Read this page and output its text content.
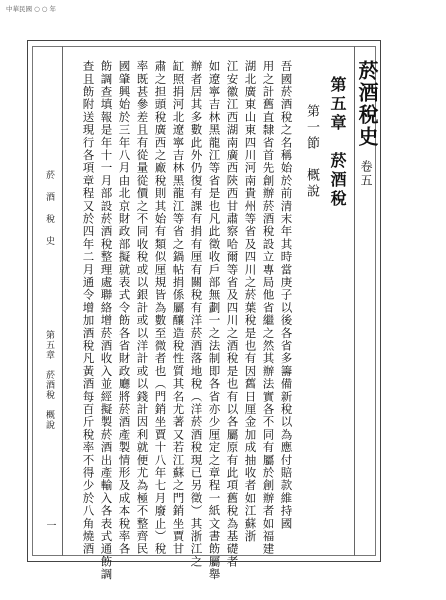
中華民國 ○ ○ 年
菸酒稅史
卷五
第五章　菸酒稅
第一節　概說
吾國菸酒稅之名稱始於前清末年其時當庚子以後各省多籌備新稅以為應付賠款維持國
用之計舊直隸省首先創辦菸酒稅設立專局他省繼之然其辦法實各不同有屬於創辦者如福建
湖北廣東山東四川河南貴州等省及四川之菸葉稅是也有因舊日厘金加成抽收者如江蘇浙
江安徽江西湖南廣西陝西甘肅察哈爾等省及四川之酒稅是也有以各屬原有此項舊稅為基礎者
如遼寧吉林黑龍江等省是也凡此徵收戶部無劃一之法制即各省亦少厘定之章程一紙文書飭屬舉
辦者居其多數此外仍復有課有捐有厘有關稅有洋菸酒落地稅（洋菸酒稅現已另徵）其浙江之
缸照捐河北遼寧吉林黑龍江等省之鍋帖捐係屬釀造稅性質其名尤著又若江蘇之門銷坐賈甘
肅之担頭稅廣西之廠稅則其始有類似厘規皆為數至微者也（門銷坐賈十八年七月廢止）稅
率既甚參差且有從量從價之不同收稅或以銀計或以洋計或以錢計因利就便尤為極不整齊民
國肇興始於三年八月由北京財政部擬就表式令飭各省財政廳將菸酒產製情形及成本稅率各
飭調查填報是年十一月部設菸酒稅整理處聯絡增菸酒收入並經擬製菸酒出產輸入各表式通飭調
查且飭附送現行各項章程又於四年二月通令增加酒稅凡黃酒每百斤稅率不得少於八角燒酒
菸　酒　稅　史
第五章　菸酒稅　概說
一
